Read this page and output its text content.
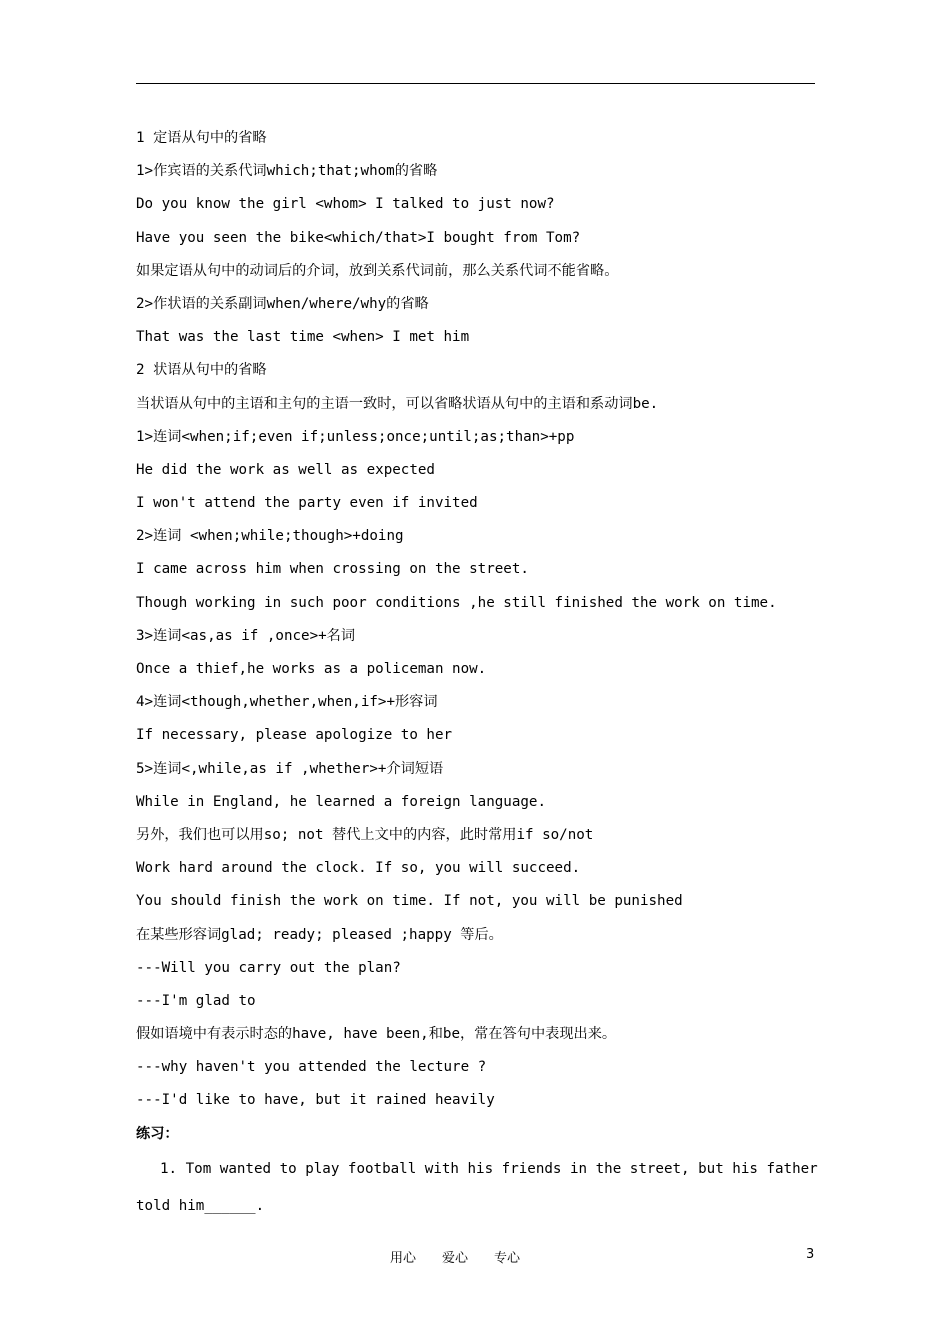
1 定语从句中的省略
1>作宾语的关系代词which;that;whom的省略
Do you know the girl <whom> I talked to just now?
Have you seen the bike<which/that>I bought from Tom?
如果定语从句中的动词后的介词，放到关系代词前，那么关系代词不能省略。
2>作状语的关系副词when/where/why的省略
That was the last time <when> I met him
2 状语从句中的省略
当状语从句中的主语和主句的主语一致时，可以省略状语从句中的主语和系动词be.
1>连词<when;if;even if;unless;once;until;as;than>+pp
He did the work as well as expected
I won't attend the party even if invited
2>连词 <when;while;though>+doing
I came across him when crossing on the street.
Though working in such poor conditions ,he still finished the work on time.
3>连词<as,as if ,once>+名词
Once a thief,he works as a policeman now.
4>连词<though,whether,when,if>+形容词
If necessary, please apologize to her
5>连词<,while,as if ,whether>+介词短语
While in England, he learned a foreign language.
另外，我们也可以用so; not 替代上文中的内容，此时常用if so/not
Work hard around the clock. If so, you will succeed.
You should finish the work on time. If not, you will be punished
在某些形容词glad; ready; pleased ;happy 等后。
---Will you carry out the plan?
---I'm glad to
假如语境中有表示时态的have, have been,和be，常在答句中表现出来。
---why haven't you attended the lecture ?
---I'd like to have, but it rained heavily
练习：
1. Tom wanted to play football with his friends in the street, but his father
told him______.
用心　　爱心　　专心	3
